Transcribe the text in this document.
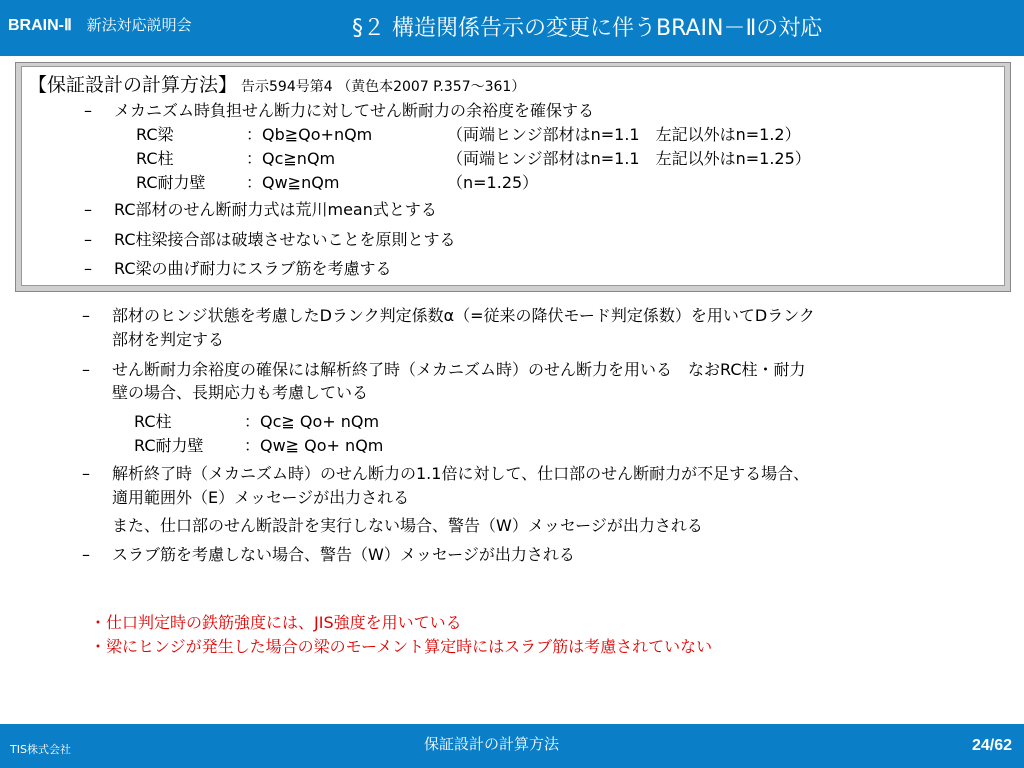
BRAIN-Ⅱ 新法対応説明会	§２ 構造関係告示の変更に伴うBRAIN－Ⅱの対応
【保証設計の計算方法】 告示594号第4 （黄色本2007 P.357～361）
– メカニズム時負担せん断力に対してせん断耐力の余裕度を確保する
RC梁	：Qb≧Qo+nQm	（両端ヒンジ部材はn=1.1　左記以外はn=1.2）
RC柱	：Qc≧nQm	（両端ヒンジ部材はn=1.1　左記以外はn=1.25）
RC耐力壁	：Qw≧nQm	（n=1.25）
– RC部材のせん断耐力式は荒川mean式とする
– RC柱梁接合部は破壊させないことを原則とする
– RC梁の曲げ耐力にスラブ筋を考慮する
– 部材のヒンジ状態を考慮したDランク判定係数α（=従来の降伏モード判定係数）を用いてDランク
部材を判定する
– せん断耐力余裕度の確保には解析終了時（メカニズム時）のせん断力を用いる　なおRC柱・耐力
壁の場合、長期応力も考慮している
RC柱	：Qc≧ Qo+ nQm
RC耐力壁	：Qw≧ Qo+ nQm
– 解析終了時（メカニズム時）のせん断力の1.1倍に対して、仕口部のせん断耐力が不足する場合、
適用範囲外（E）メッセージが出力される
また、仕口部のせん断設計を実行しない場合、警告（W）メッセージが出力される
– スラブ筋を考慮しない場合、警告（W）メッセージが出力される
・仕口判定時の鉄筋強度には、JIS強度を用いている
・梁にヒンジが発生した場合の梁のモーメント算定時にはスラブ筋は考慮されていない
TIS株式会社	保証設計の計算方法	24/62
